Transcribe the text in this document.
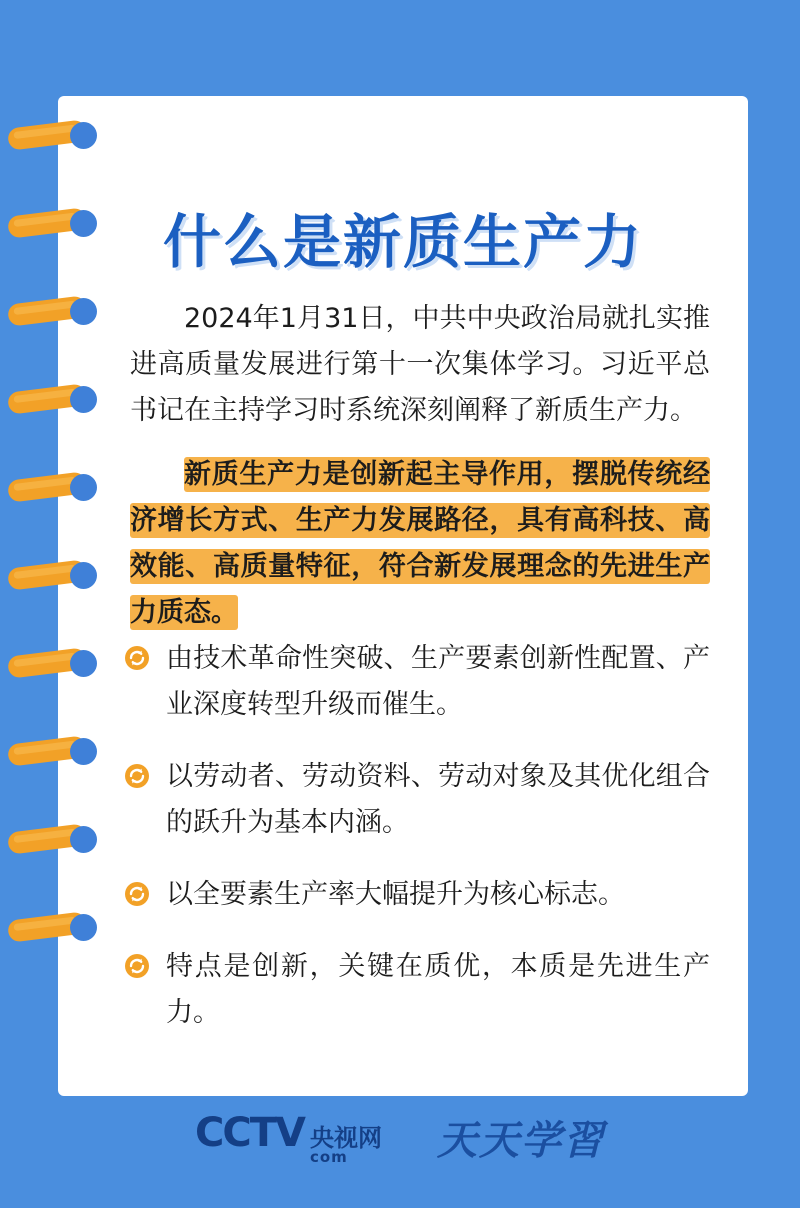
什么是新质生产力

2024年1月31日，中共中央政治局就扎实推进高质量发展进行第十一次集体学习。习近平总书记在主持学习时系统深刻阐释了新质生产力。

新质生产力是创新起主导作用，摆脱传统经济增长方式、生产力发展路径，具有高科技、高效能、高质量特征，符合新发展理念的先进生产力质态。

由技术革命性突破、生产要素创新性配置、产业深度转型升级而催生。
以劳动者、劳动资料、劳动对象及其优化组合的跃升为基本内涵。
以全要素生产率大幅提升为核心标志。
特点是创新，关键在质优，本质是先进生产力。
CCTV 央视网
com	天天学習
